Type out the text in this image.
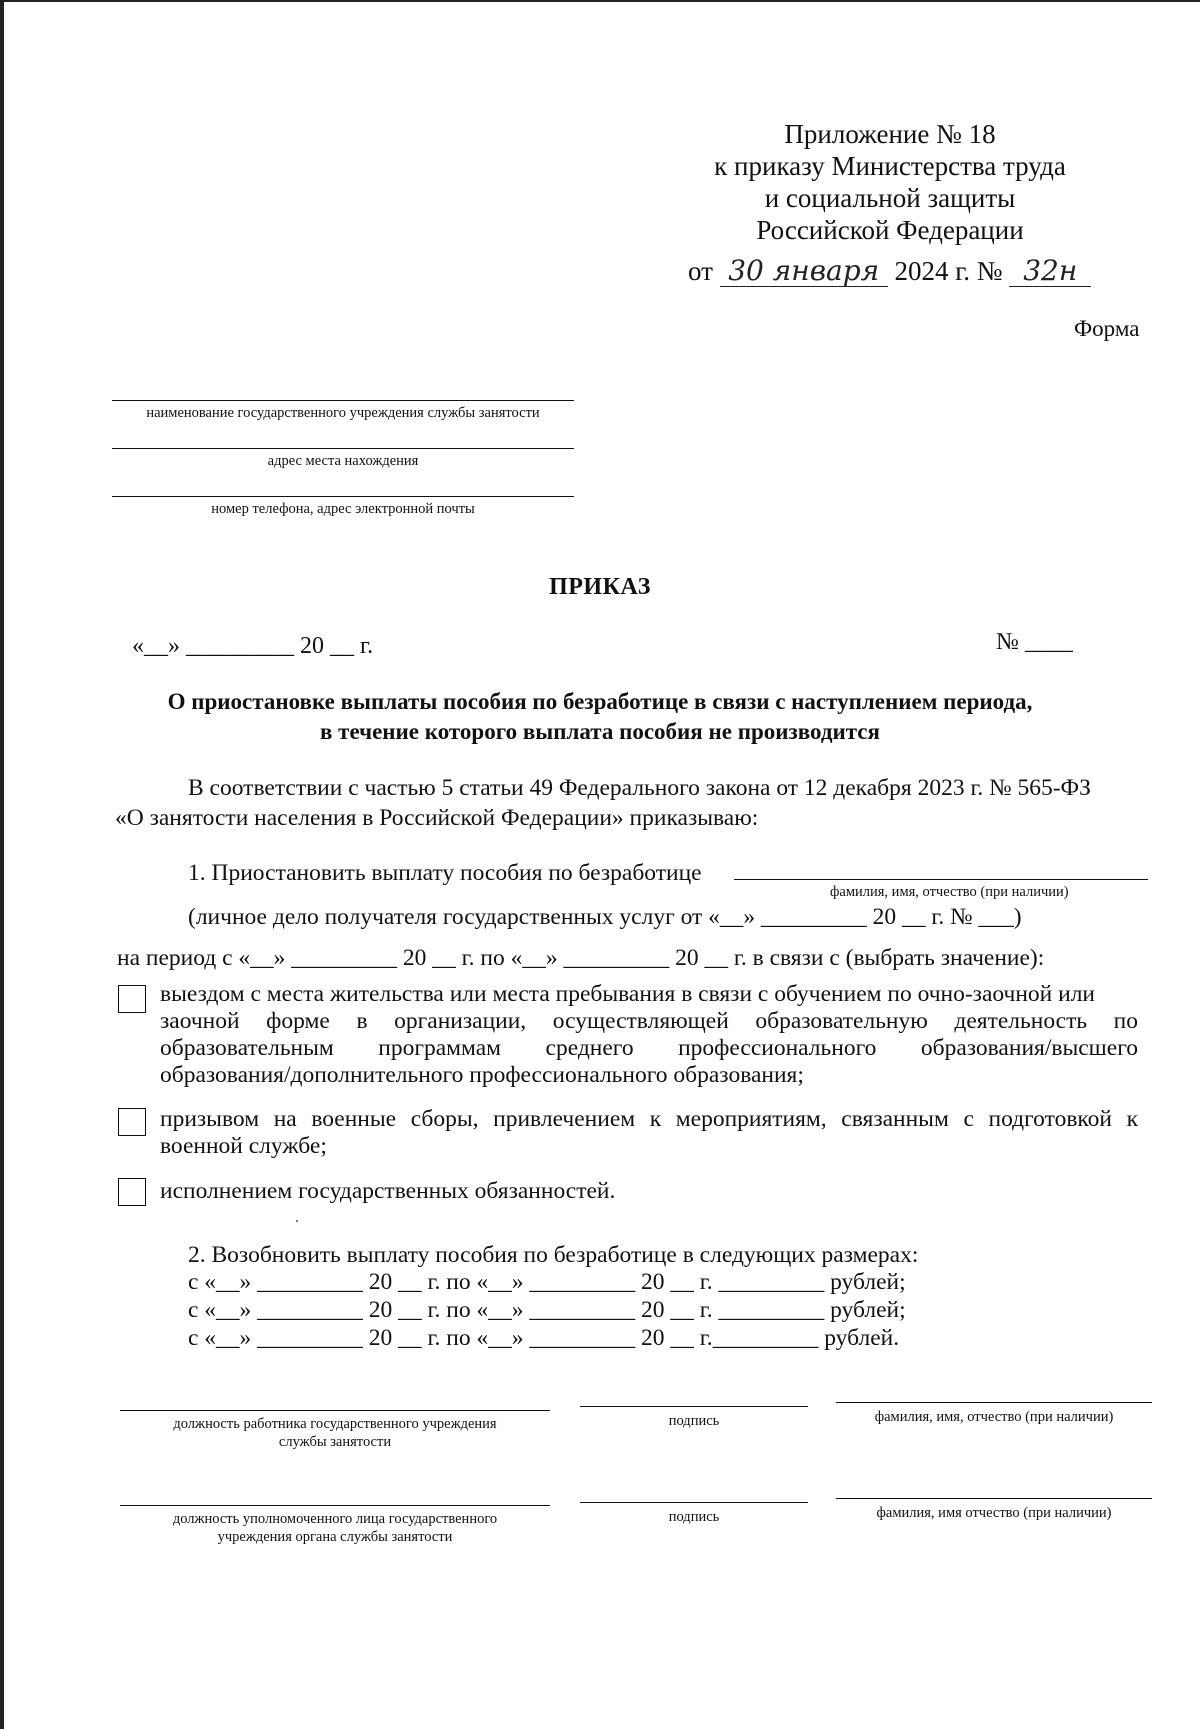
Приложение № 18
к приказу Министерства труда
и социальной защиты
Российской Федерации
от 30 января 2024 г. № 32н
Форма
наименование государственного учреждения службы занятости
адрес места нахождения
номер телефона, адрес электронной почты
ПРИКАЗ
«__» _________ 20 __ г.	№ ____
О приостановке выплаты пособия по безработице в связи с наступлением периода,
в течение которого выплата пособия не производится
В соответствии с частью 5 статьи 49 Федерального закона от 12 декабря 2023 г. № 565-ФЗ
«О занятости населения в Российской Федерации» приказываю:
1. Приостановить выплату пособия по безработице
фамилия, имя, отчество (при наличии)
(личное дело получателя государственных услуг от «__» _________ 20 __ г. № ___)
на период с «__» _________ 20 __ г. по «__» _________ 20 __ г. в связи с (выбрать значение):
выездом с места жительства или места пребывания в связи с обучением по очно-заочной или
заочной форме в организации, осуществляющей образовательную деятельность по
образовательным программам среднего профессионального образования/высшего
образования/дополнительного профессионального образования;
призывом на военные сборы, привлечением к мероприятиям, связанным с подготовкой к
военной службе;
исполнением государственных обязанностей.
2. Возобновить выплату пособия по безработице в следующих размерах:
с «__» _________ 20 __ г. по «__» _________ 20 __ г. _________ рублей;
с «__» _________ 20 __ г. по «__» _________ 20 __ г. _________ рублей;
с «__» _________ 20 __ г. по «__» _________ 20 __ г._________ рублей.
должность работника государственного учреждения
службы занятости
подпись	фамилия, имя, отчество (при наличии)
должность уполномоченного лица государственного
учреждения органа службы занятости
подпись	фамилия, имя отчество (при наличии)
